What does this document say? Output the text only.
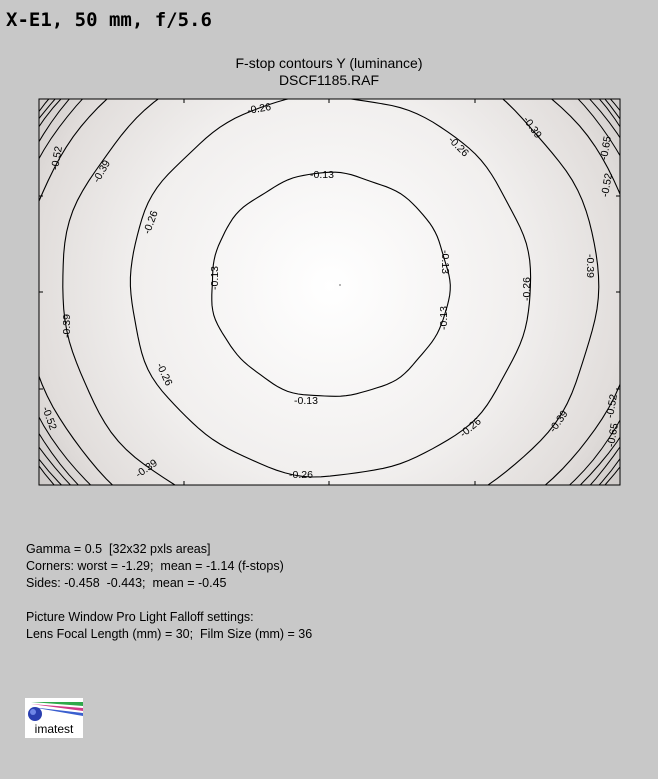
X-E1, 50 mm, f/5.6
F-stop contours Y (luminance)
DSCF1185.RAF
-0.13
-0.13
-0.13
-0.13
-0.13
-0.26
-0.26
-0.26
-0.26
-0.26
-0.26
-0.26
-0.39
-0.39
-0.39
-0.39
-0.39
-0.39
-0.52
-0.52
-0.52	-0.52
-0.65
-0.65
Gamma = 0.5  [32x32 pxls areas]
Corners: worst = -1.29;  mean = -1.14 (f-stops)
Sides: -0.458  -0.443;  mean = -0.45
Picture Window Pro Light Falloff settings:
Lens Focal Length (mm) = 30;  Film Size (mm) = 36
imatest
